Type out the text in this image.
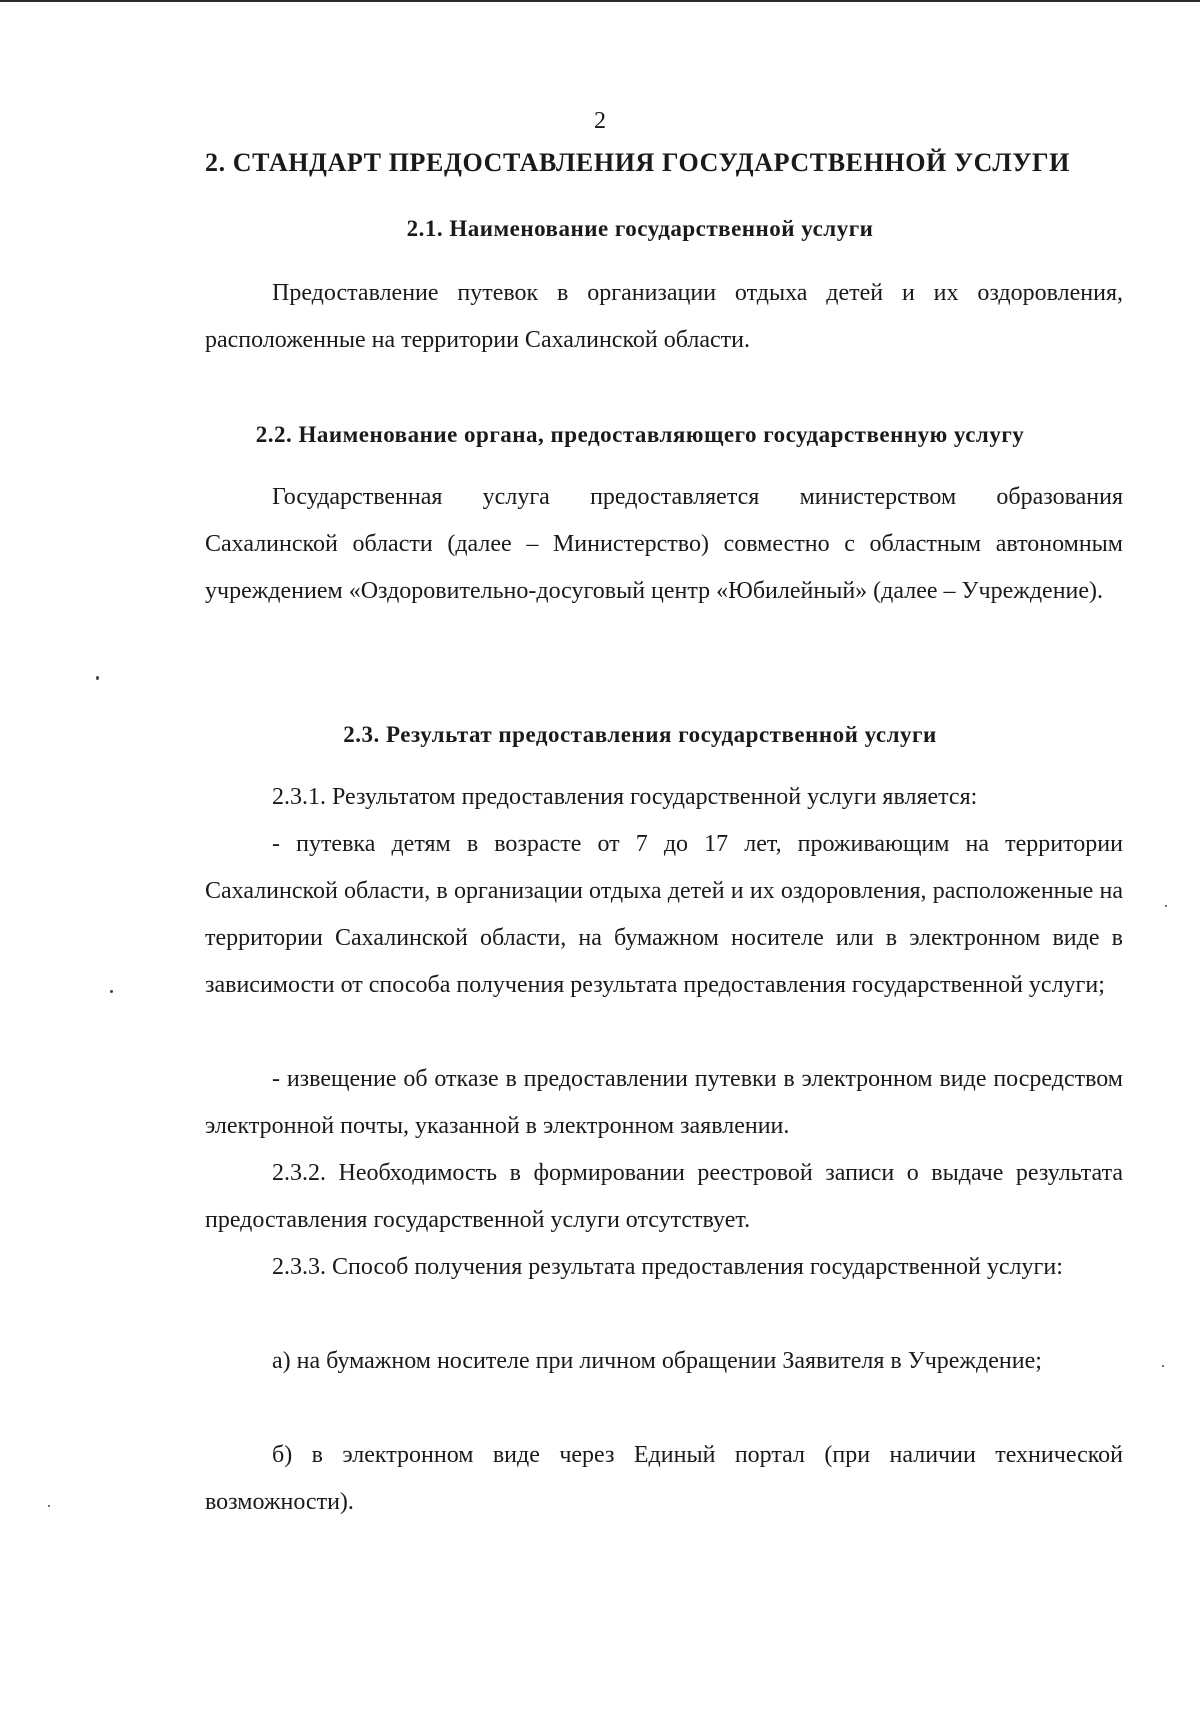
2
2. СТАНДАРТ ПРЕДОСТАВЛЕНИЯ ГОСУДАРСТВЕННОЙ УСЛУГИ
2.1. Наименование государственной услуги

Предоставление путевок в организации отдыха детей и их оздоровления, расположенные на территории Сахалинской области.

2.2. Наименование органа, предоставляющего государственную услугу

Государственная услуга предоставляется министерством образования Сахалинской области (далее – Министерство) совместно с областным автономным учреждением «Оздоровительно-досуговый центр «Юбилейный» (далее – Учреждение).

2.3. Результат предоставления государственной услуги

2.3.1. Результатом предоставления государственной услуги является:

- путевка детям в возрасте от 7 до 17 лет, проживающим на территории Сахалинской области, в организации отдыха детей и их оздоровления, расположенные на территории Сахалинской области, на бумажном носителе или в электронном виде в зависимости от способа получения результата предоставления государственной услуги;

- извещение об отказе в предоставлении путевки в электронном виде посредством электронной почты, указанной в электронном заявлении.

2.3.2. Необходимость в формировании реестровой записи о выдаче результата предоставления государственной услуги отсутствует.

2.3.3. Способ получения результата предоставления государственной услуги:

а) на бумажном носителе при личном обращении Заявителя в Учреждение;

б) в электронном виде через Единый портал (при наличии технической возможности).
